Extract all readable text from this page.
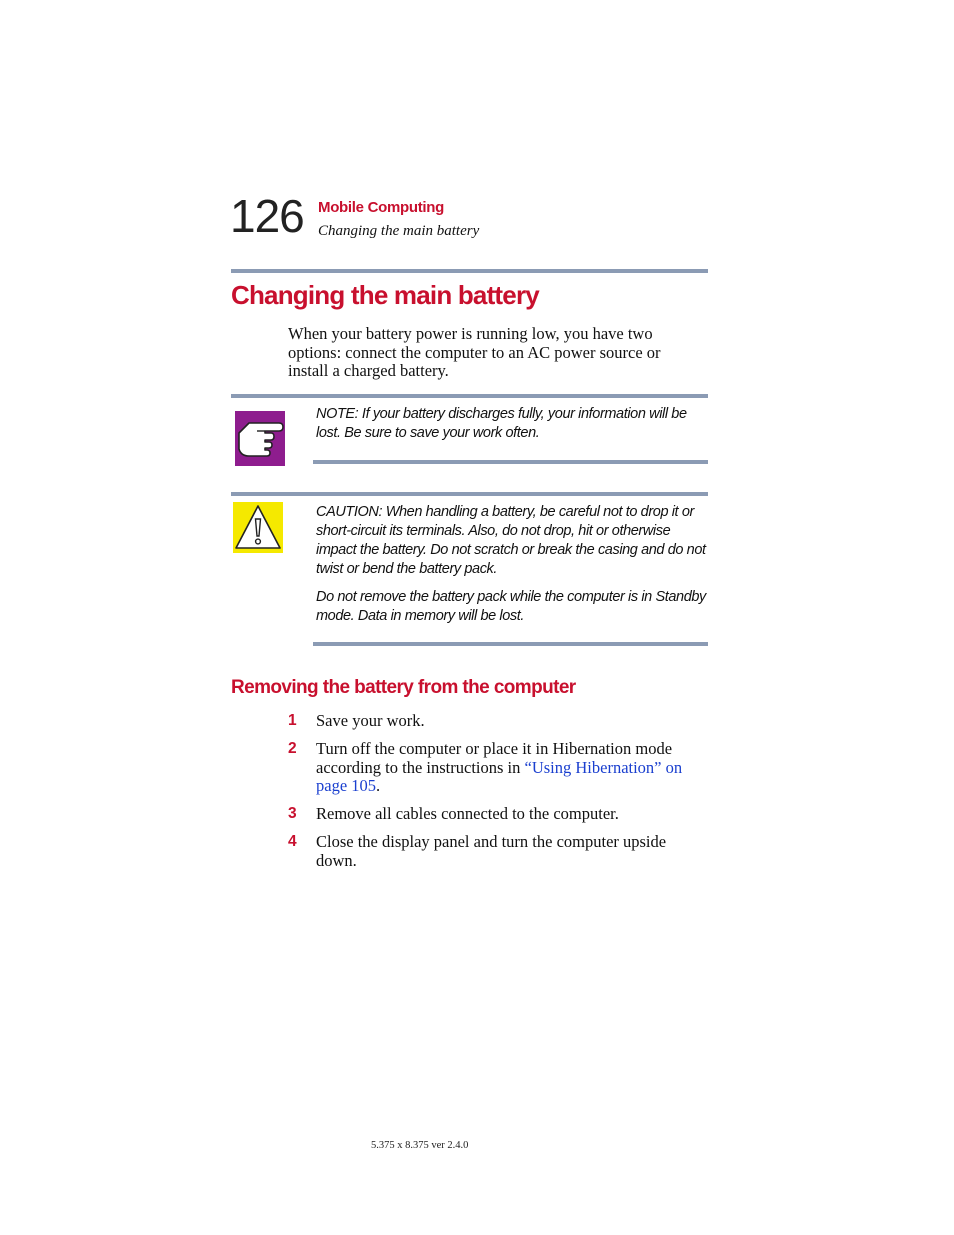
126 Mobile Computing
Changing the main battery
Changing the main battery
When your battery power is running low, you have two
options: connect the computer to an AC power source or
install a charged battery.
NOTE: If your battery discharges fully, your information will be
lost. Be sure to save your work often.
CAUTION: When handling a battery, be careful not to drop it or
short-circuit its terminals. Also, do not drop, hit or otherwise
impact the battery. Do not scratch or break the casing and do not
twist or bend the battery pack.
Do not remove the battery pack while the computer is in Standby
mode. Data in memory will be lost.
Removing the battery from the computer
1 Save your work.
2 Turn off the computer or place it in Hibernation mode
according to the instructions in “Using Hibernation” on
page 105.
3 Remove all cables connected to the computer.
4 Close the display panel and turn the computer upside
down.
5.375 x 8.375 ver 2.4.0
